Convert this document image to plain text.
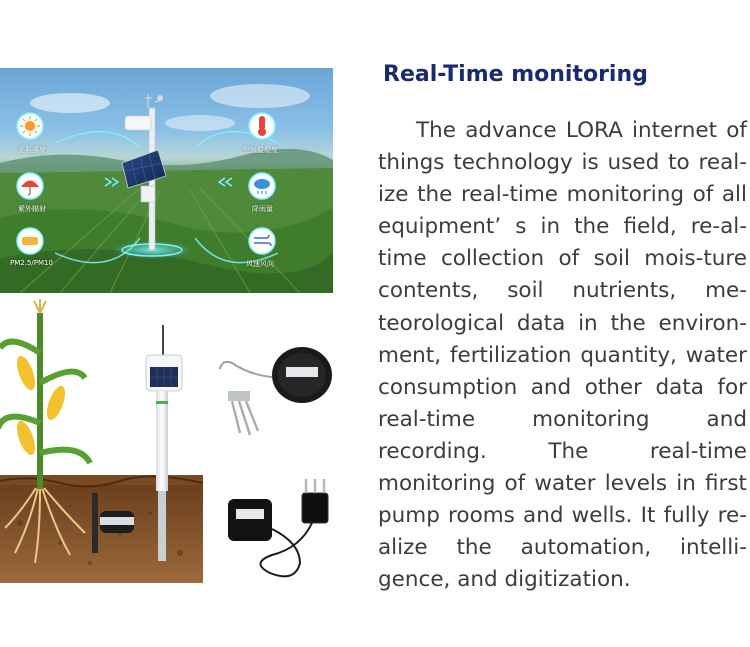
光照强度
紫外辐射
PM2.5/PM10
空气温湿度
降雨量
风速风向
Real-Time monitoring

The advance LORA internet of things technology is used to real-ize the real-time monitoring of all equipment’ s in the field, re-al-time collection of soil mois-ture contents, soil nutrients, me-teorological data in the environ-ment, fertilization quantity, water consumption and other data for real-time monitoring and recording. The real-time monitoring of water levels in first pump rooms and wells. It fully re-alize the automation, intelli-gence, and digitization.
